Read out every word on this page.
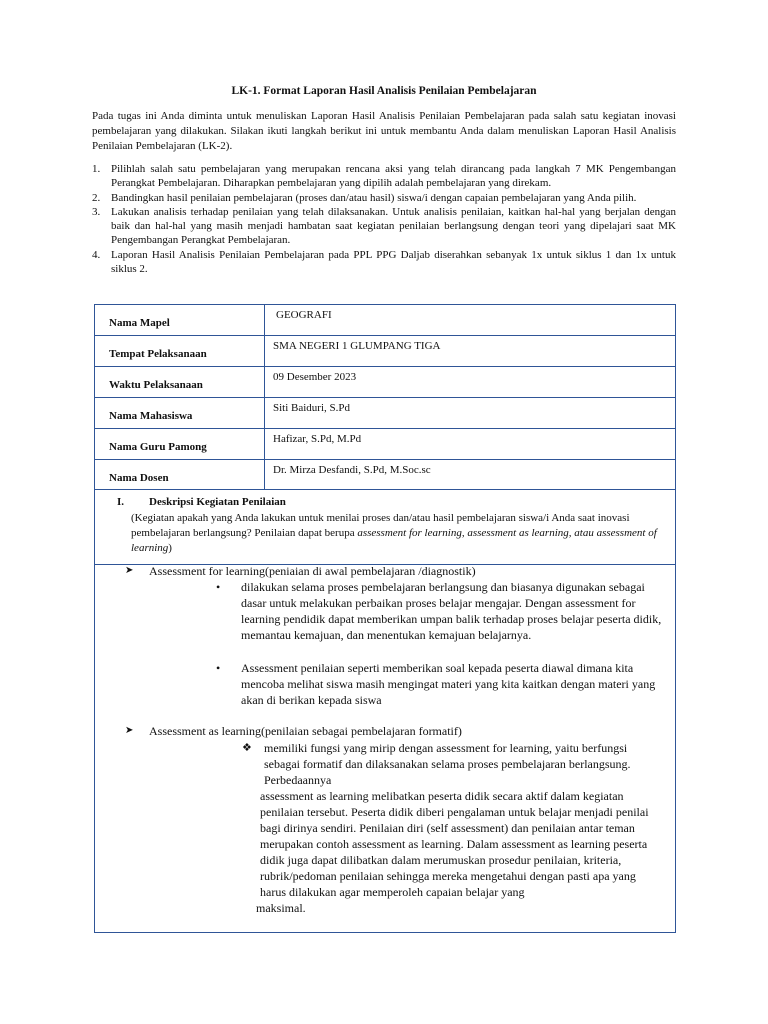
LK-1. Format Laporan Hasil Analisis Penilaian Pembelajaran

Pada tugas ini Anda diminta untuk menuliskan Laporan Hasil Analisis Penilaian Pembelajaran pada salah satu kegiatan inovasi pembelajaran yang dilakukan. Silakan ikuti langkah berikut ini untuk membantu Anda dalam menuliskan Laporan Hasil Analisis Penilaian Pembelajaran (LK-2).

1. Pilihlah salah satu pembelajaran yang merupakan rencana aksi yang telah dirancang pada langkah 7 MK Pengembangan Perangkat Pembelajaran. Diharapkan pembelajaran yang dipilih adalah pembelajaran yang direkam.
2. Bandingkan hasil penilaian pembelajaran (proses dan/atau hasil) siswa/i dengan capaian pembelajaran yang Anda pilih.
3. Lakukan analisis terhadap penilaian yang telah dilaksanakan. Untuk analisis penilaian, kaitkan hal-hal yang berjalan dengan baik dan hal-hal yang masih menjadi hambatan saat kegiatan penilaian berlangsung dengan teori yang dipelajari saat MK Pengembangan Perangkat Pembelajaran.
4. Laporan Hasil Analisis Penilaian Pembelajaran pada PPL PPG Daljab diserahkan sebanyak 1x untuk siklus 1 dan 1x untuk siklus 2.
Nama Mapel
GEOGRAFI
Tempat Pelaksanaan
SMA NEGERI 1 GLUMPANG TIGA
Waktu Pelaksanaan
09 Desember 2023
Nama Mahasiswa
Siti Baiduri, S.Pd
Nama Guru Pamong
Hafizar, S.Pd, M.Pd
Nama Dosen
Dr. Mirza Desfandi, S.Pd, M.Soc.sc
I. Deskripsi Kegiatan Penilaian
(Kegiatan apakah yang Anda lakukan untuk menilai proses dan/atau hasil pembelajaran siswa/i Anda saat inovasi pembelajaran berlangsung? Penilaian dapat berupa assessment for learning, assessment as learning, atau assessment of learning)
➤ Assessment for learning(peniaian di awal pembelajaran /diagnostik)
• dilakukan selama proses pembelajaran berlangsung dan biasanya digunakan sebagai dasar untuk melakukan perbaikan proses belajar mengajar. Dengan assessment for learning pendidik dapat memberikan umpan balik terhadap proses belajar peserta didik, memantau kemajuan, dan menentukan kemajuan belajarnya.
• Assessment penilaian seperti memberikan soal kepada peserta diawal dimana kita mencoba melihat siswa masih mengingat materi yang kita kaitkan dengan materi yang akan di berikan kepada siswa
➤ Assessment as learning(penilaian sebagai pembelajaran formatif)
❖ memiliki fungsi yang mirip dengan assessment for learning, yaitu berfungsi sebagai formatif dan dilaksanakan selama proses pembelajaran berlangsung. Perbedaannya
assessment as learning melibatkan peserta didik secara aktif dalam kegiatan penilaian tersebut. Peserta didik diberi pengalaman untuk belajar menjadi penilai bagi dirinya sendiri. Penilaian diri (self assessment) dan penilaian antar teman merupakan contoh assessment as learning. Dalam assessment as learning peserta didik juga dapat dilibatkan dalam merumuskan prosedur penilaian, kriteria, rubrik/pedoman penilaian sehingga mereka mengetahui dengan pasti apa yang harus dilakukan agar memperoleh capaian belajar yang
maksimal.
